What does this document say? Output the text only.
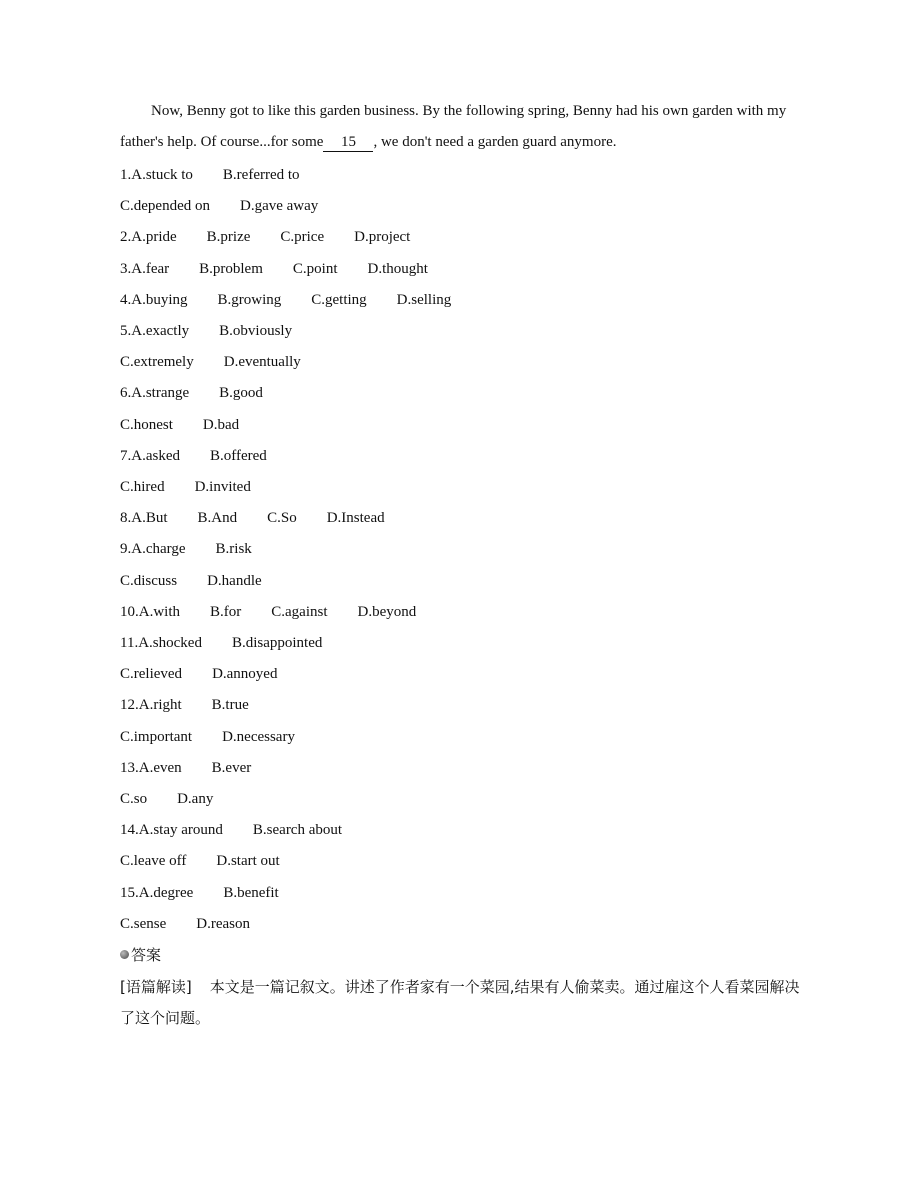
Now, Benny got to like this garden business. By the following spring, Benny had his own garden with my father's help. Of course...for some 15 , we don't need a garden guard anymore.
1.A.stuck to B.referred to
C.depended on D.gave away
2.A.pride B.prize C.price D.project
3.A.fear B.problem C.point D.thought
4.A.buying B.growing C.getting D.selling
5.A.exactly B.obviously
C.extremely D.eventually
6.A.strange B.good
C.honest D.bad
7.A.asked B.offered
C.hired D.invited
8.A.But B.And C.So D.Instead
9.A.charge B.risk
C.discuss D.handle
10.A.with B.for C.against D.beyond
11.A.shocked B.disappointed
C.relieved D.annoyed
12.A.right B.true
C.important D.necessary
13.A.even B.ever
C.so D.any
14.A.stay around B.search about
C.leave off D.start out
15.A.degree B.benefit
C.sense D.reason
答案
[语篇解读] 本文是一篇记叙文。讲述了作者家有一个菜园,结果有人偷菜卖。通过雇这个人看菜园解决了这个问题。
